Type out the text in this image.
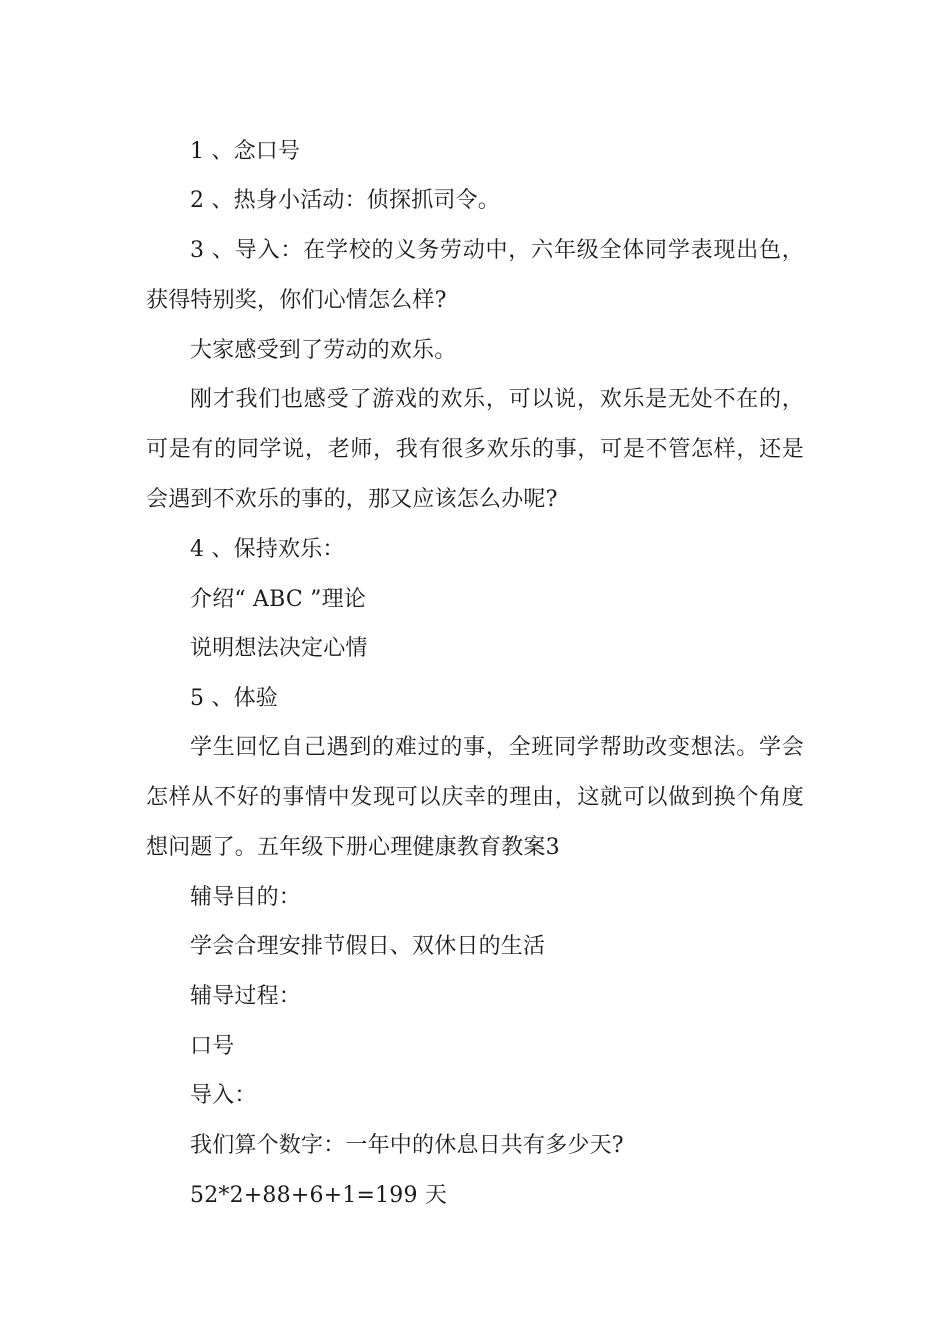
1 、念口号
2 、热身小活动：侦探抓司令。
3 、导入：在学校的义务劳动中，六年级全体同学表现出色，
获得特别奖，你们心情怎么样?
大家感受到了劳动的欢乐。
刚才我们也感受了游戏的欢乐，可以说，欢乐是无处不在的，
可是有的同学说，老师，我有很多欢乐的事，可是不管怎样，还是
会遇到不欢乐的事的，那又应该怎么办呢?
4 、保持欢乐：
介绍“ ABC ”理论
说明想法决定心情
5 、体验
学生回忆自己遇到的难过的事，全班同学帮助改变想法。学会
怎样从不好的事情中发现可以庆幸的理由，这就可以做到换个角度
想问题了。五年级下册心理健康教育教案3
辅导目的：
学会合理安排节假日、双休日的生活
辅导过程：
口号
导入：
我们算个数字：一年中的休息日共有多少天?
52*2+88+6+1=199 天
